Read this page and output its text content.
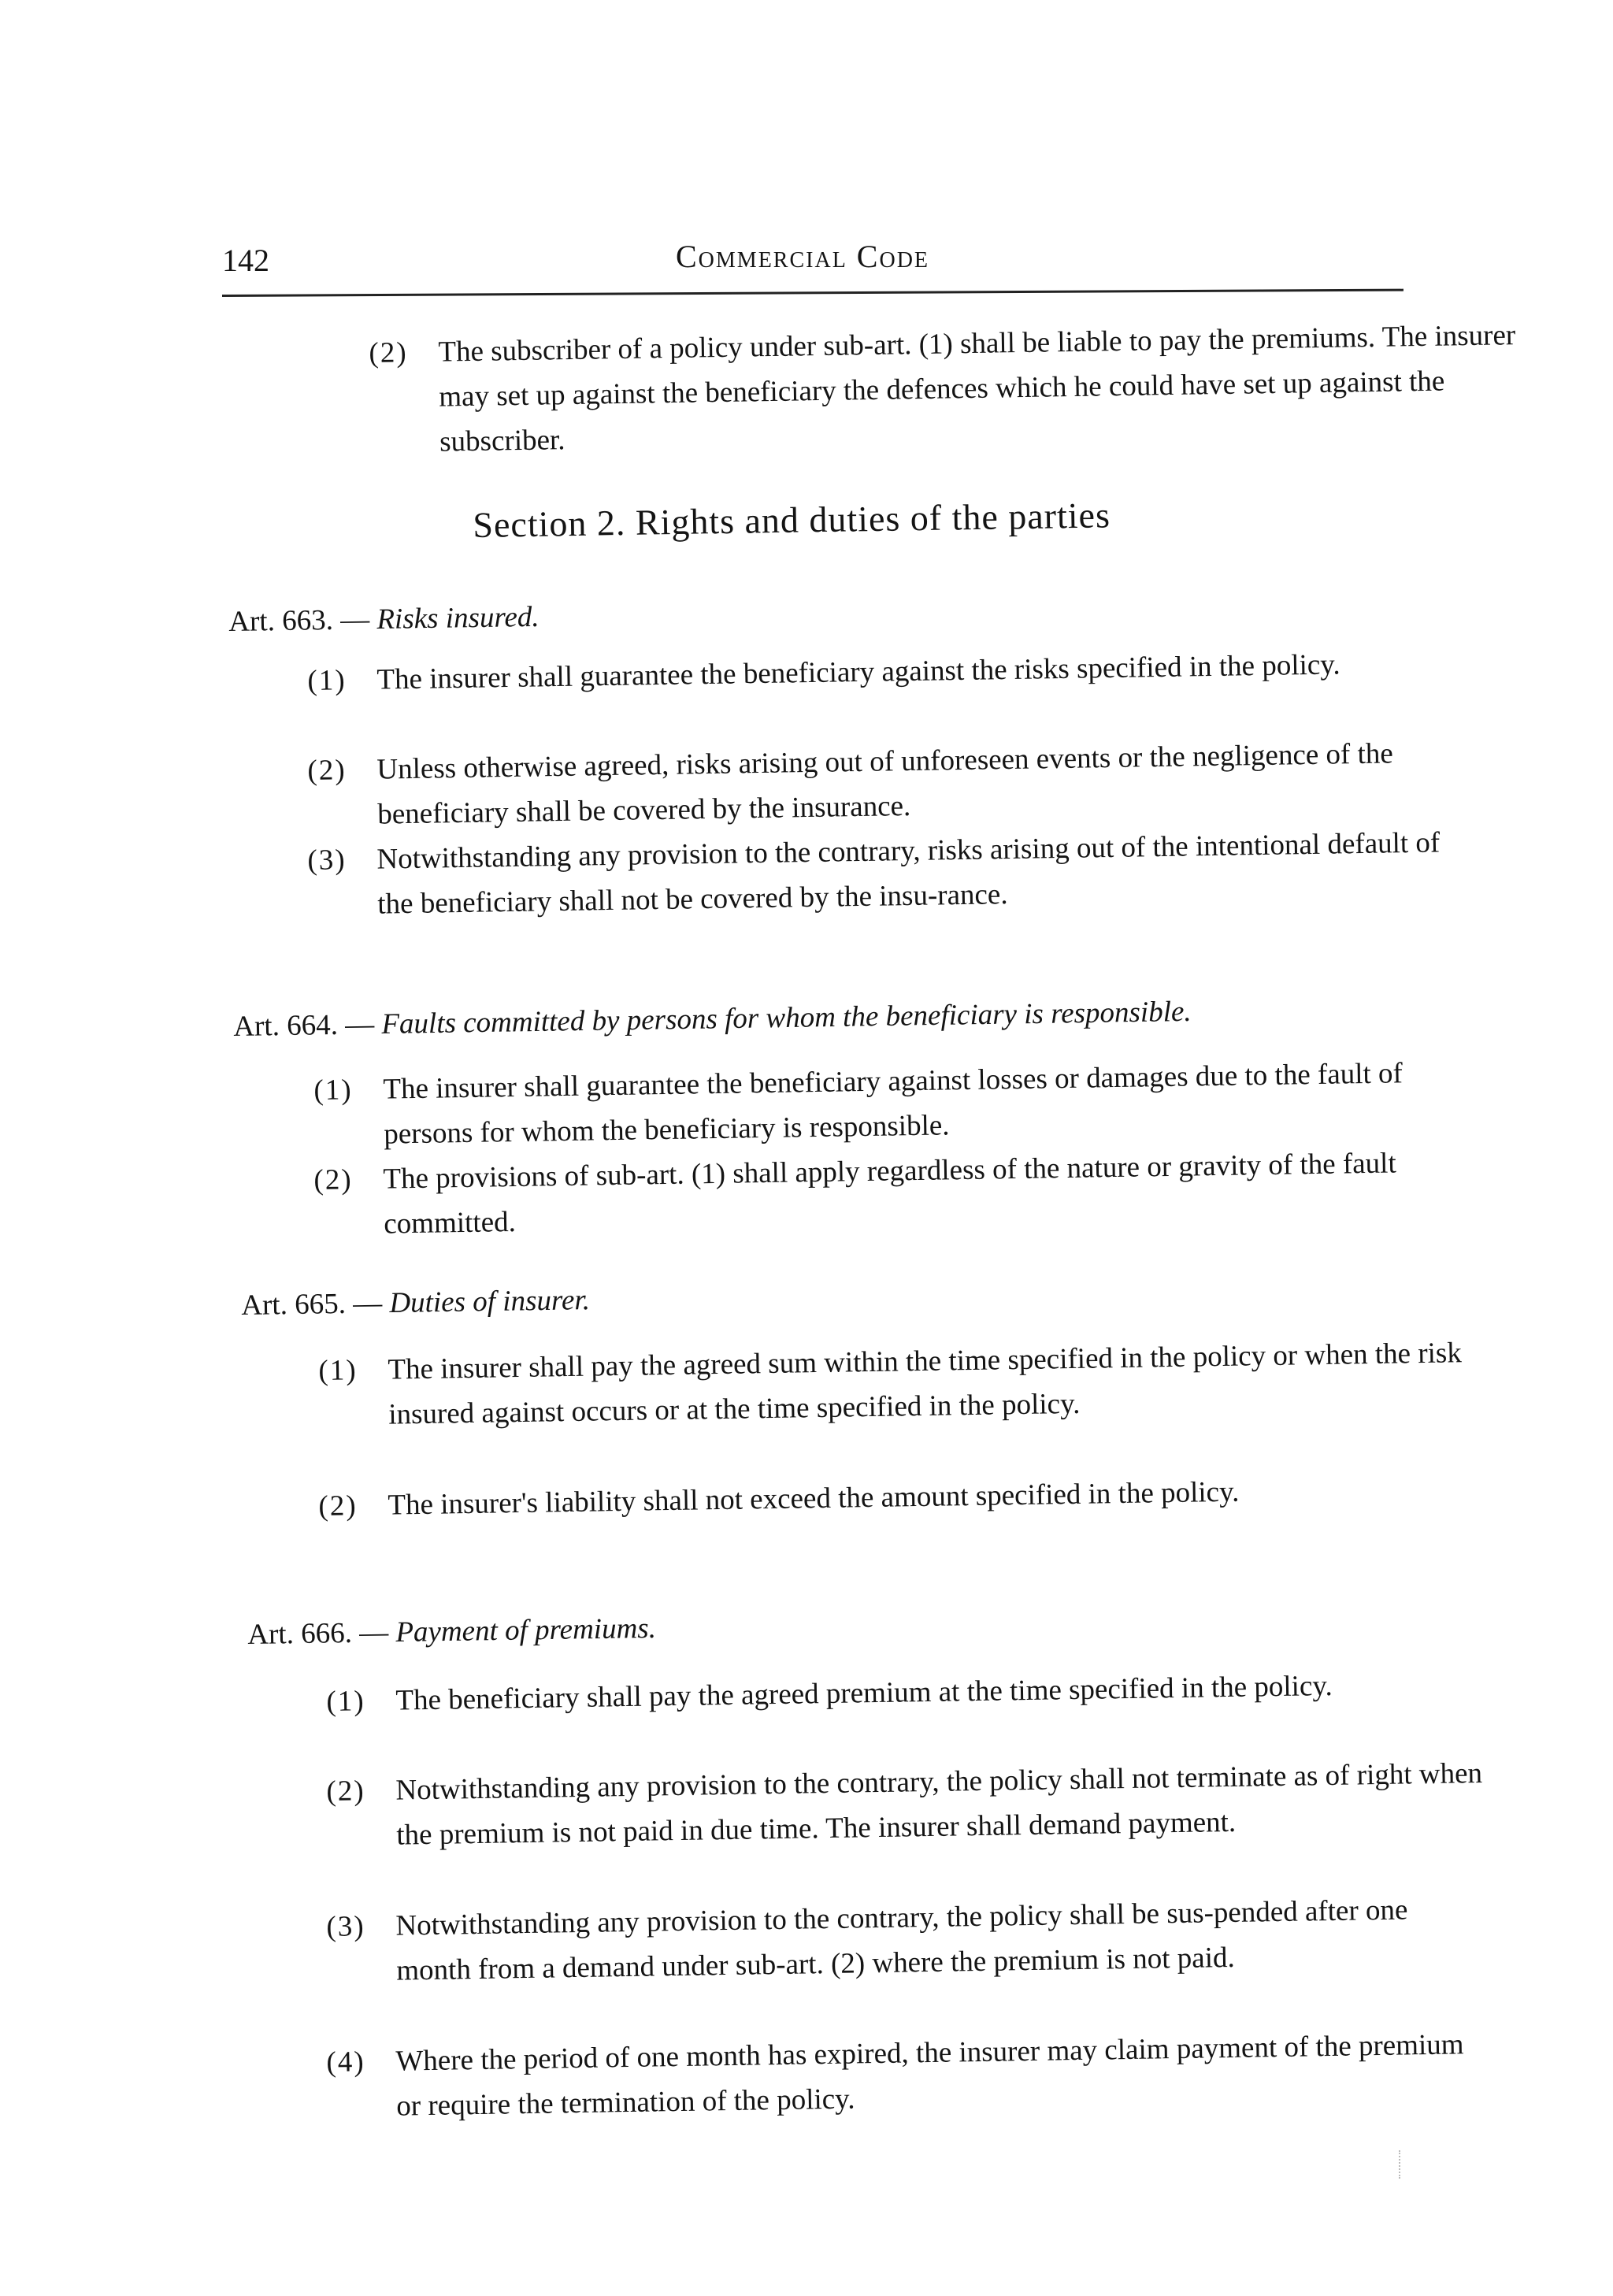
142	Commercial Code
(2) The subscriber of a policy under sub-art. (1) shall be liable to pay the premiums. The insurer may set up against the beneficiary the defences which he could have set up against the subscriber.
Section 2. Rights and duties of the parties
Art. 663. — Risks insured.
(1) The insurer shall guarantee the beneficiary against the risks specified in the policy.
(2) Unless otherwise agreed, risks arising out of unforeseen events or the negligence of the beneficiary shall be covered by the insurance.
(3) Notwithstanding any provision to the contrary, risks arising out of the intentional default of the beneficiary shall not be covered by the insu-rance.
Art. 664. — Faults committed by persons for whom the beneficiary is responsible.
(1) The insurer shall guarantee the beneficiary against losses or damages due to the fault of persons for whom the beneficiary is responsible.
(2) The provisions of sub-art. (1) shall apply regardless of the nature or gravity of the fault committed.
Art. 665. — Duties of insurer.
(1) The insurer shall pay the agreed sum within the time specified in the policy or when the risk insured against occurs or at the time specified in the policy.
(2) The insurer's liability shall not exceed the amount specified in the policy.
Art. 666. — Payment of premiums.
(1) The beneficiary shall pay the agreed premium at the time specified in the policy.
(2) Notwithstanding any provision to the contrary, the policy shall not terminate as of right when the premium is not paid in due time. The insurer shall demand payment.
(3) Notwithstanding any provision to the contrary, the policy shall be sus-pended after one month from a demand under sub-art. (2) where the premium is not paid.
(4) Where the period of one month has expired, the insurer may claim payment of the premium or require the termination of the policy.
